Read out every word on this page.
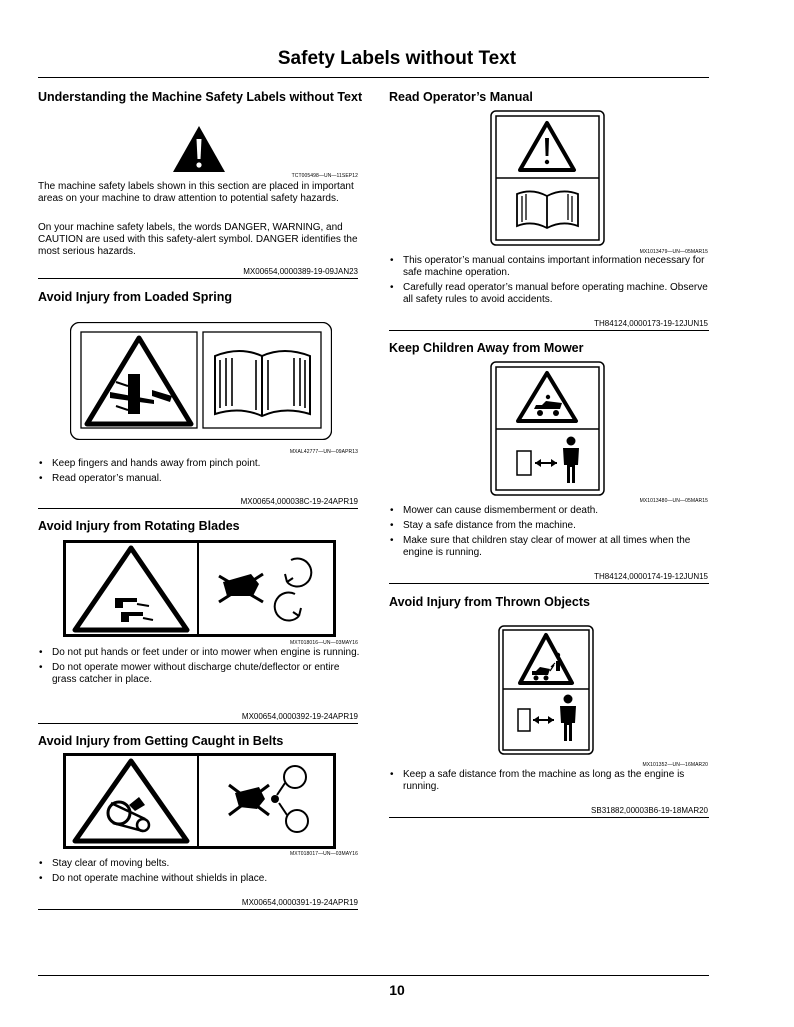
Safety Labels without Text
Understanding the Machine Safety Labels without Text
TCT005498—UN—11SEP12
The machine safety labels shown in this section are placed in important areas on your machine to draw attention to potential safety hazards.
On your machine safety labels, the words DANGER, WARNING, and CAUTION are used with this safety-alert symbol. DANGER identifies the most serious hazards.
MX00654,0000389-19-09JAN23
Avoid Injury from Loaded Spring
MXAL42777—UN—09APR13
• Keep fingers and hands away from pinch point.
• Read operator’s manual.
MX00654,000038C-19-24APR19
Avoid Injury from Rotating Blades
MXT018016—UN—03MAY16
• Do not put hands or feet under or into mower when engine is running.
• Do not operate mower without discharge chute/deflector or entire grass catcher in place.
MX00654,0000392-19-24APR19
Avoid Injury from Getting Caught in Belts
MXT018017—UN—03MAY16
• Stay clear of moving belts.
• Do not operate machine without shields in place.
MX00654,0000391-19-24APR19
Read Operator’s Manual
MX1013479—UN—05MAR15
• This operator’s manual contains important information necessary for safe machine operation.
• Carefully read operator’s manual before operating machine. Observe all safety rules to avoid accidents.
TH84124,0000173-19-12JUN15
Keep Children Away from Mower
MX1013480—UN—05MAR15
• Mower can cause dismemberment or death.
• Stay a safe distance from the machine.
• Make sure that children stay clear of mower at all times when the engine is running.
TH84124,0000174-19-12JUN15
Avoid Injury from Thrown Objects
MX101352—UN—16MAR20
• Keep a safe distance from the machine as long as the engine is running.
SB31882,00003B6-19-18MAR20
10
